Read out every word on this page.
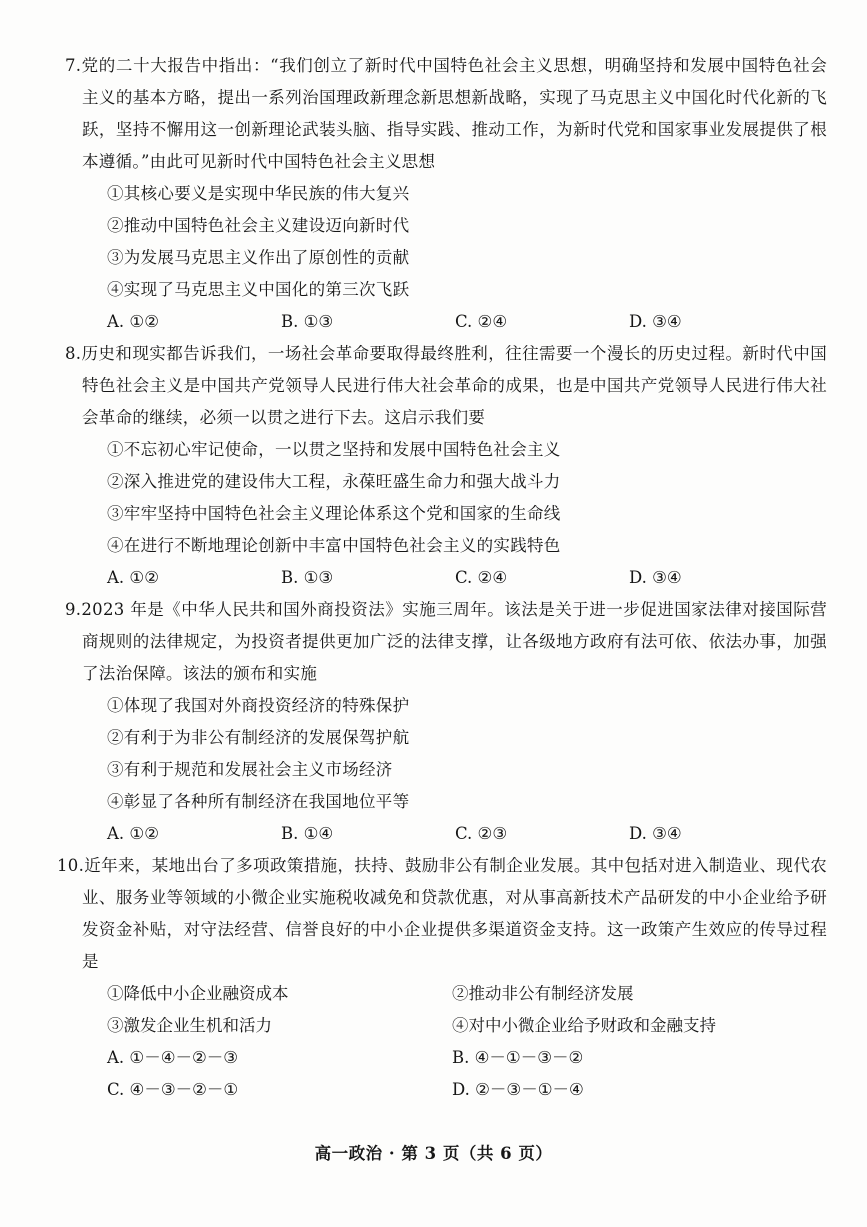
7.党的二十大报告中指出：“我们创立了新时代中国特色社会主义思想，明确坚持和发展中国特色社会主义的基本方略，提出一系列治国理政新理念新思想新战略，实现了马克思主义中国化时代化新的飞跃，坚持不懈用这一创新理论武装头脑、指导实践、推动工作，为新时代党和国家事业发展提供了根本遵循。”由此可见新时代中国特色社会主义思想

①其核心要义是实现中华民族的伟大复兴

②推动中国特色社会主义建设迈向新时代

③为发展马克思主义作出了原创性的贡献

④实现了马克思主义中国化的第三次飞跃

A. ①②	B. ①③	C. ②④	D. ③④

8.历史和现实都告诉我们，一场社会革命要取得最终胜利，往往需要一个漫长的历史过程。新时代中国特色社会主义是中国共产党领导人民进行伟大社会革命的成果，也是中国共产党领导人民进行伟大社会革命的继续，必须一以贯之进行下去。这启示我们要

①不忘初心牢记使命，一以贯之坚持和发展中国特色社会主义

②深入推进党的建设伟大工程，永葆旺盛生命力和强大战斗力

③牢牢坚持中国特色社会主义理论体系这个党和国家的生命线

④在进行不断地理论创新中丰富中国特色社会主义的实践特色

A. ①②	B. ①③	C. ②④	D. ③④

9.2023 年是《中华人民共和国外商投资法》实施三周年。该法是关于进一步促进国家法律对接国际营商规则的法律规定，为投资者提供更加广泛的法律支撑，让各级地方政府有法可依、依法办事，加强了法治保障。该法的颁布和实施

①体现了我国对外商投资经济的特殊保护

②有利于为非公有制经济的发展保驾护航

③有利于规范和发展社会主义市场经济

④彰显了各种所有制经济在我国地位平等

A. ①②	B. ①④	C. ②③	D. ③④

10.近年来，某地出台了多项政策措施，扶持、鼓励非公有制企业发展。其中包括对进入制造业、现代农业、服务业等领域的小微企业实施税收减免和贷款优惠，对从事高新技术产品研发的中小企业给予研发资金补贴，对守法经营、信誉良好的中小企业提供多渠道资金支持。这一政策产生效应的传导过程是

①降低中小企业融资成本	②推动非公有制经济发展
③激发企业生机和活力	④对中小微企业给予财政和金融支持
A. ①－④－②－③	B. ④－①－③－②
C. ④－③－②－①	D. ②－③－①－④
高一政治 · 第 3 页（共 6 页）
